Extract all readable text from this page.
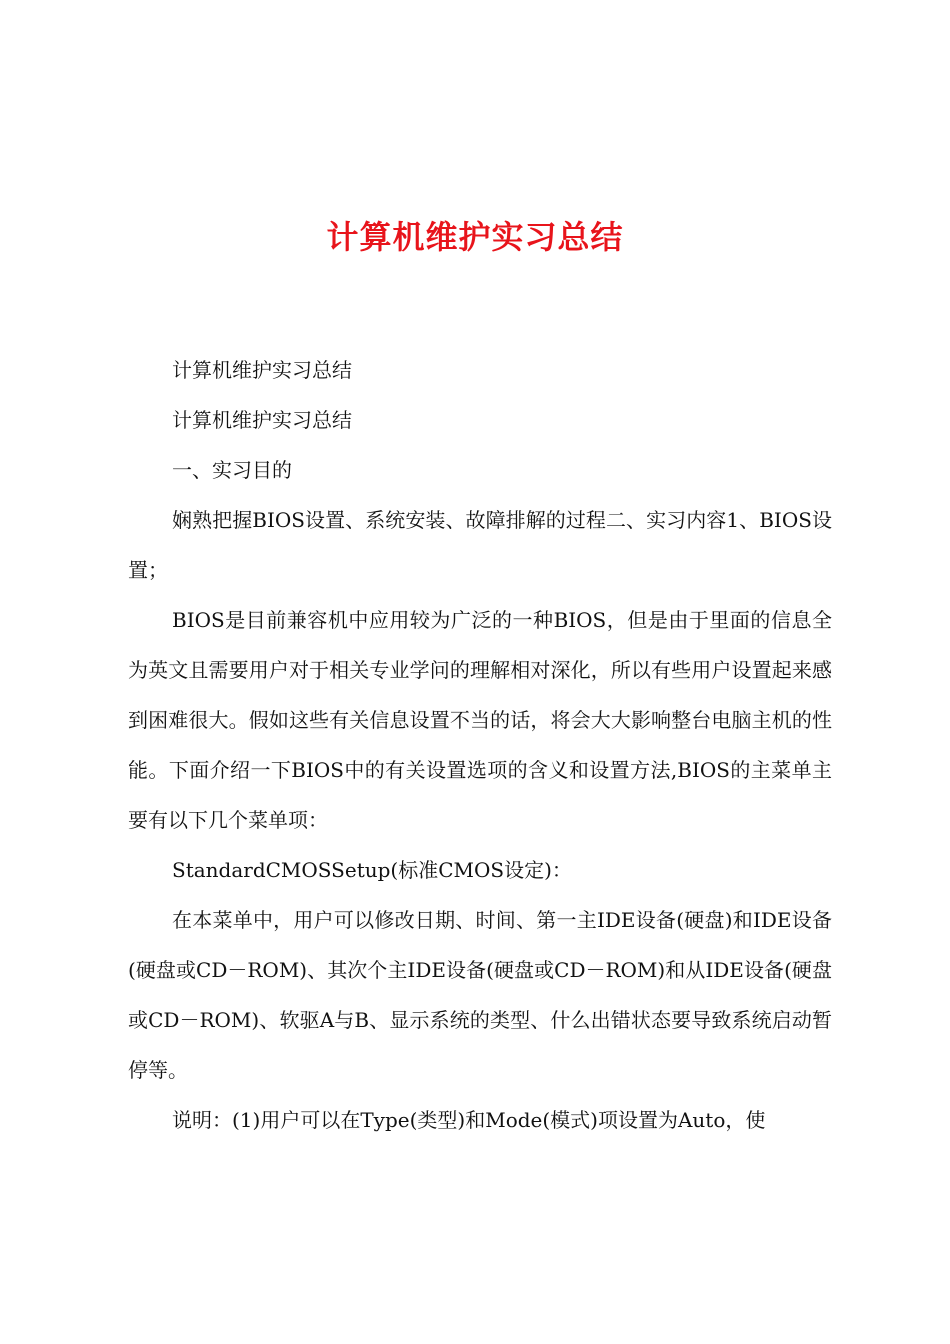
计算机维护实习总结

计算机维护实习总结

计算机维护实习总结

一、实习目的

娴熟把握BIOS设置、系统安装、故障排解的过程二、实习内容1、BIOS设置；

BIOS是目前兼容机中应用较为广泛的一种BIOS，但是由于里面的信息全为英文且需要用户对于相关专业学问的理解相对深化，所以有些用户设置起来感到困难很大。假如这些有关信息设置不当的话，将会大大影响整台电脑主机的性能。下面介绍一下BIOS中的有关设置选项的含义和设置方法,BIOS的主菜单主要有以下几个菜单项：

StandardCMOSSetup(标准CMOS设定)：

在本菜单中，用户可以修改日期、时间、第一主IDE设备(硬盘)和IDE设备(硬盘或CD－ROM)、其次个主IDE设备(硬盘或CD－ROM)和从IDE设备(硬盘或CD－ROM)、软驱A与B、显示系统的类型、什么出错状态要导致系统启动暂停等。

说明：(1)用户可以在Type(类型)和Mode(模式)项设置为Auto，使
